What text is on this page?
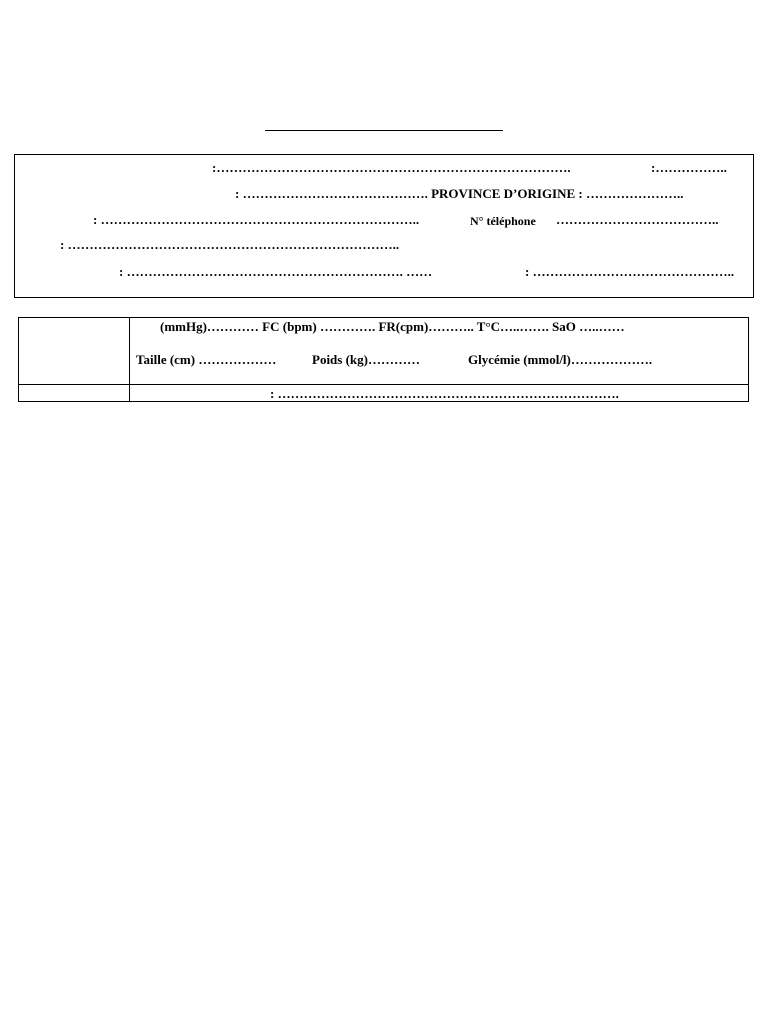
:……………………………………………………………………….	:……………..
: ……………………………………. PROVINCE D’ORIGINE : …………………..
: ………………………………………………………………..	N° téléphone ………………………………..
: …………………………………………………………………..
: ………………………………………………………. ……	: ………………………………………..
(mmHg)………… FC (bpm) …………. FR(cpm)……….. T°C…..……. SaO …..……
Taille (cm) ………………	Poids (kg)…………	Glycémie (mmol/l)……………….
: …………………………………………………………………….
